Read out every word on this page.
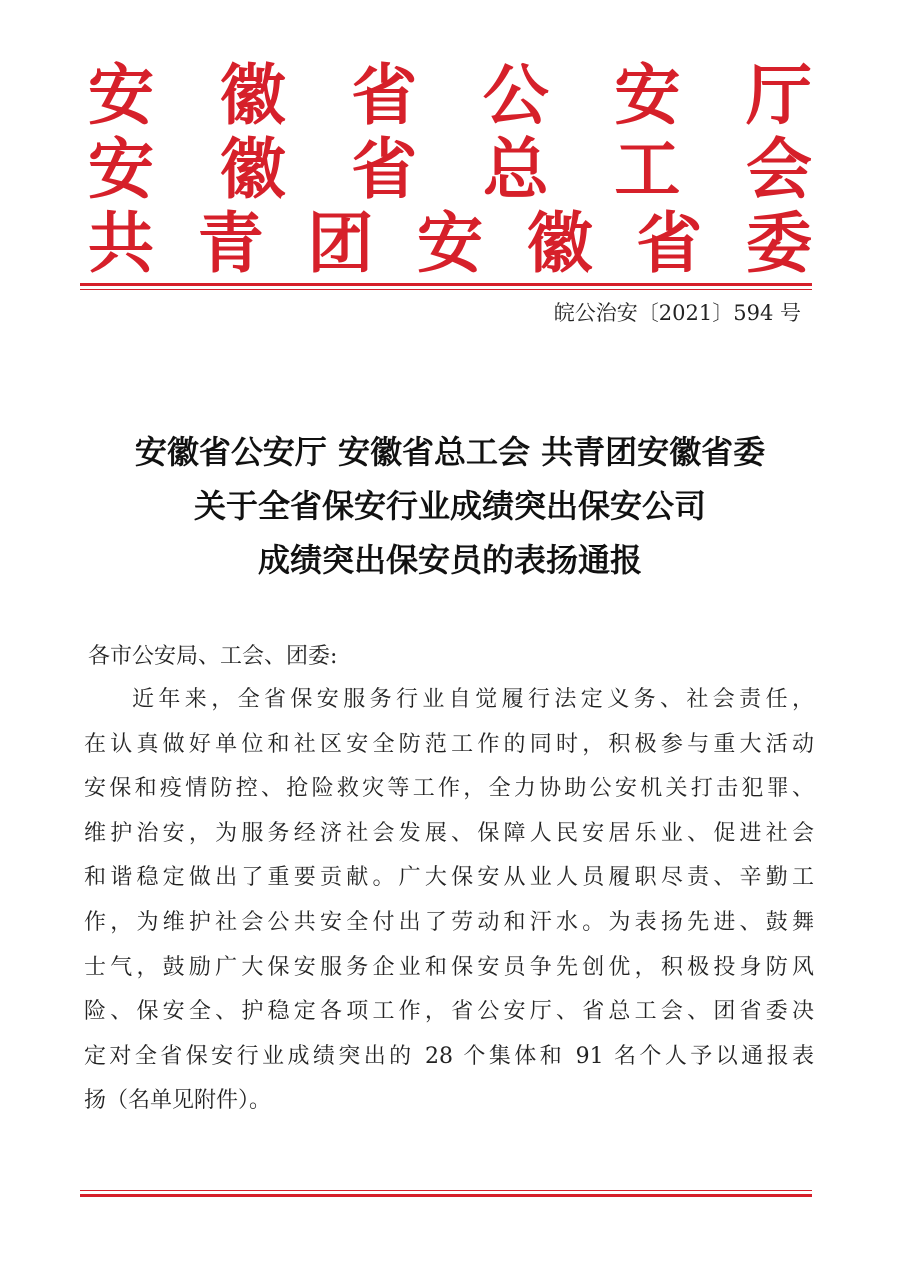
安 徽 省 公 安 厅
安 徽 省 总 工 会
共 青 团 安 徽 省 委
皖公治安〔2021〕594 号
安徽省公安厅 安徽省总工会 共青团安徽省委
关于全省保安行业成绩突出保安公司
成绩突出保安员的表扬通报
各市公安局、工会、团委:
近年来，全省保安服务行业自觉履行法定义务、社会责任，
在认真做好单位和社区安全防范工作的同时，积极参与重大活动
安保和疫情防控、抢险救灾等工作，全力协助公安机关打击犯罪、
维护治安，为服务经济社会发展、保障人民安居乐业、促进社会
和谐稳定做出了重要贡献。广大保安从业人员履职尽责、辛勤工
作，为维护社会公共安全付出了劳动和汗水。为表扬先进、鼓舞
士气，鼓励广大保安服务企业和保安员争先创优，积极投身防风
险、保安全、护稳定各项工作，省公安厅、省总工会、团省委决
定对全省保安行业成绩突出的 28 个集体和 91 名个人予以通报表
扬（名单见附件）。
